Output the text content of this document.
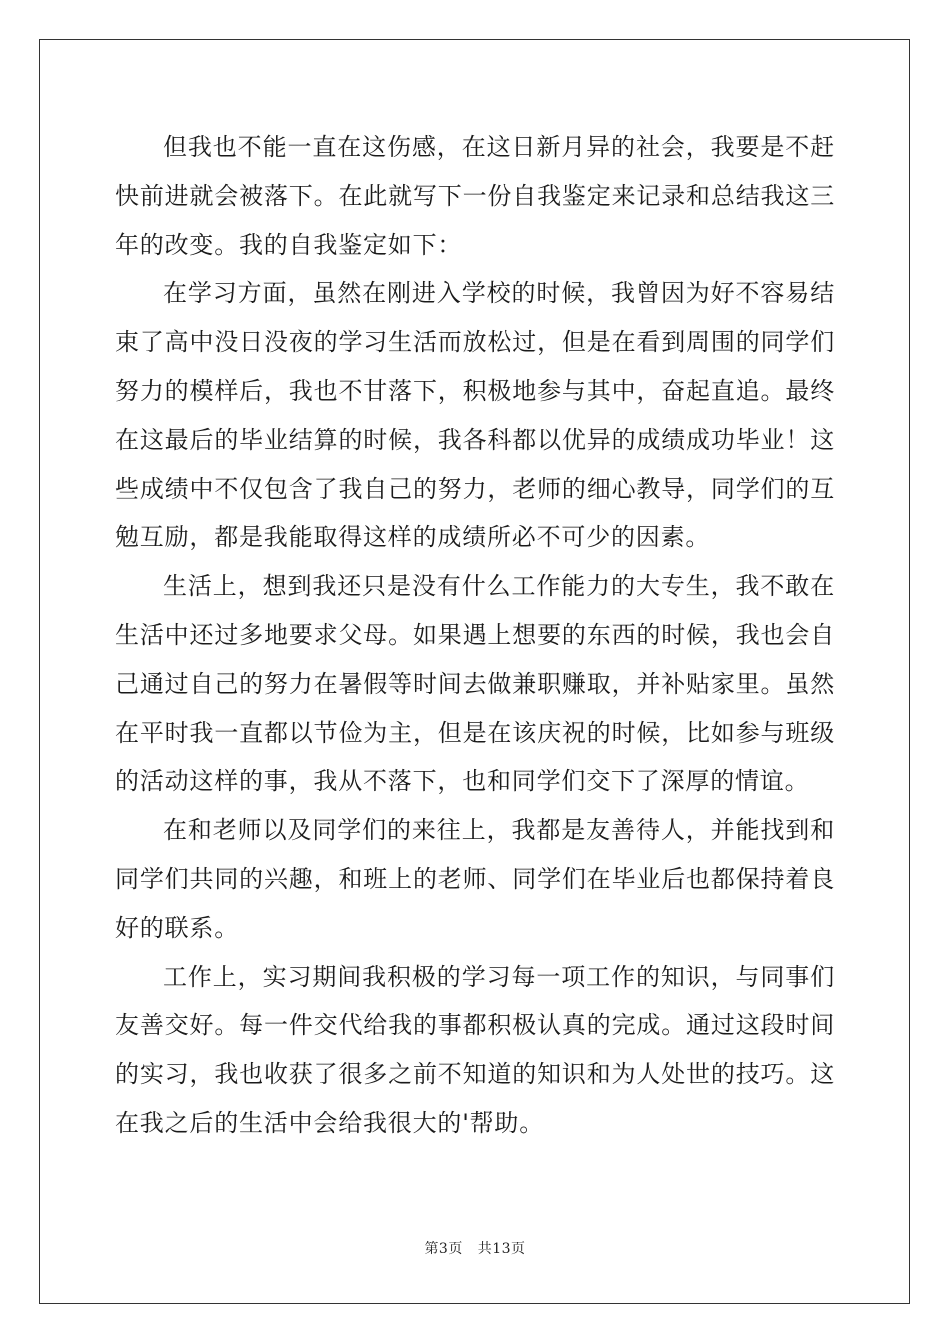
但我也不能一直在这伤感，在这日新月异的社会，我要是不赶快前进就会被落下。在此就写下一份自我鉴定来记录和总结我这三年的改变。我的自我鉴定如下：

在学习方面，虽然在刚进入学校的时候，我曾因为好不容易结束了高中没日没夜的学习生活而放松过，但是在看到周围的同学们努力的模样后，我也不甘落下，积极地参与其中，奋起直追。最终在这最后的毕业结算的时候，我各科都以优异的成绩成功毕业！这些成绩中不仅包含了我自己的努力，老师的细心教导，同学们的互勉互励，都是我能取得这样的成绩所必不可少的因素。

生活上，想到我还只是没有什么工作能力的大专生，我不敢在生活中还过多地要求父母。如果遇上想要的东西的时候，我也会自己通过自己的努力在暑假等时间去做兼职赚取，并补贴家里。虽然在平时我一直都以节俭为主，但是在该庆祝的时候，比如参与班级的活动这样的事，我从不落下，也和同学们交下了深厚的情谊。

在和老师以及同学们的来往上，我都是友善待人，并能找到和同学们共同的兴趣，和班上的老师、同学们在毕业后也都保持着良好的联系。

工作上，实习期间我积极的学习每一项工作的知识，与同事们友善交好。每一件交代给我的事都积极认真的完成。通过这段时间的实习，我也收获了很多之前不知道的知识和为人处世的技巧。这在我之后的生活中会给我很大的'帮助。

第3页 共13页
